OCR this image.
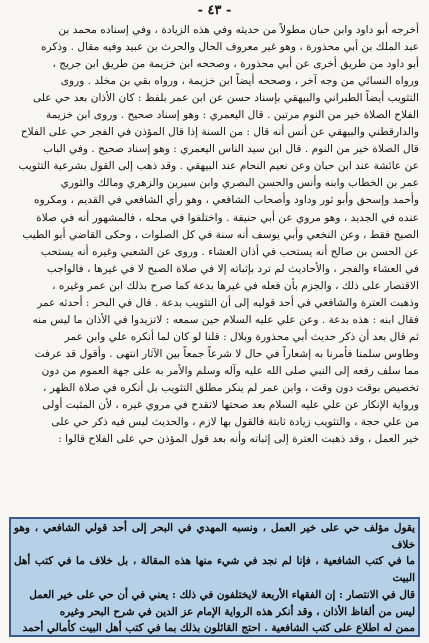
- ٤٣ -

أخرجه أبو داود وابن حبان مطولاً من حديثه وفي هذه الزيادة ، وفي إسناده محمد بن

عبد الملك بن أبي محذورة ، وهو غير معروف الحال والحرث بن عبيد وفيه مقال . وذكره

أبو داود من طريق أخرى عن أبي محذورة ، وصححه ابن خزيمة من طريق ابن جريج ،

ورواه النسائي من وجه آخر ، وصححه أيضاً ابن خزيمة ، ورواه بقي بن مخلد . وروى

التثويب أيضاً الطبراني والبيهقي بإسناد حسن عن ابن عمر بلفظ : كان الأذان بعد حي على

الفلاح الصلاة خير من النوم مرتين . قال اليعمري : وهو إسناد صحيح . وروى ابن خزيمة

والدارقطني والبيهقي عن أنس أنه قال : من السنة إذا قال المؤذن في الفجر حي على الفلاح

قال الصلاة خير من النوم . قال ابن سيد الناس اليعمري : وهو إسناد صحيح . وفي الباب

عن عائشة عند ابن حبان وعن نعيم النحام عند البيهقي . وقد ذهب إلى القول بشرعية التثويب

عمر بن الخطاب وابنه وأنس والحسن البصري وابن سيرين والزهري ومالك والثوري

وأحمد وإسحق وأبو ثور وداود وأصحاب الشافعي ، وهو رأي الشافعي في القديم ، ومكروه

عنده في الجديد ، وهو مروي عن أبي حنيفة . واختلفوا في محله ، فالمشهور أنه في صلاة

الصبح فقط ، وعن النخعي وأبي يوسف أنه سنة في كل الصلوات ، وحكى القاضي أبو الطيب

عن الحسن بن صالح أنه يستحب في أذان العشاء . وروى عن الشعبي وغيره أنه يستحب

في العشاء والفجر ، والأحاديث لم ترد بإثباته إلا في صلاة الصبح لا في غيرها ، فالواجب

الاقتصار على ذلك ، والجزم بأن فعله في غيرها بدعة كما صرح بذلك ابن عمر وغيره ،

وذهبت العترة والشافعي في أحد قوليه إلى أن التثويب بدعة . قال في البحر : أحدثه عمر

فقال ابنه : هذه بدعة . وعن علي عليه السلام حين سمعه : لاتزيدوا في الأذان ما ليس منه

ثم قال بعد أن ذكر حديث أبي محذورة وبلال : قلنا لو كان لما أنكره علي وابن عمر

وطاوس سلمنا فأمرنا به إشعاراً في حال لا شرعاً جمعاً بين الآثار انتهى . وأقول قد عرفت

مما سلف رفعه إلى النبي صلى الله عليه وآله وسلم والأمر به على جهة العموم من دون

تخصيص بوقت دون وقت ، وابن عمر لم ينكر مطلق التثويب بل أنكره في صلاة الظهر ،

ورواية الإنكار عن علي عليه السلام بعد صحتها لاتقدح في مروي غيره ، لأن المثبت أولى

من علي حجة ، والتثويب زيادة ثابتة فالقول بها لازم ، والحديث ليس فيه ذكر حي على

خير العمل ، وقد ذهبت العترة إلى إثباته وأنه بعد قول المؤذن حي على الفلاح قالوا :

يقول مؤلف حي على خير العمل ، ونسبه المهدي في البحر إلى أحد قولي الشافعي ، وهو خلاف

ما في كتب الشافعية ، فإنا لم نجد في شيء منها هذه المقالة ، بل خلاف ما في كتب أهل البيت

قال في الانتصار : إن الفقهاء الأربعة لايختلفون في ذلك : يعني في أن حي على خير العمل

ليس من ألفاظ الأذان ، وقد أنكر هذه الرواية الإمام عز الدين في شرح البحر وغيره

ممن له اطلاع على كتب الشافعية . احتج القائلون بذلك بما في كتب أهل البيت كأمالي أحمد
